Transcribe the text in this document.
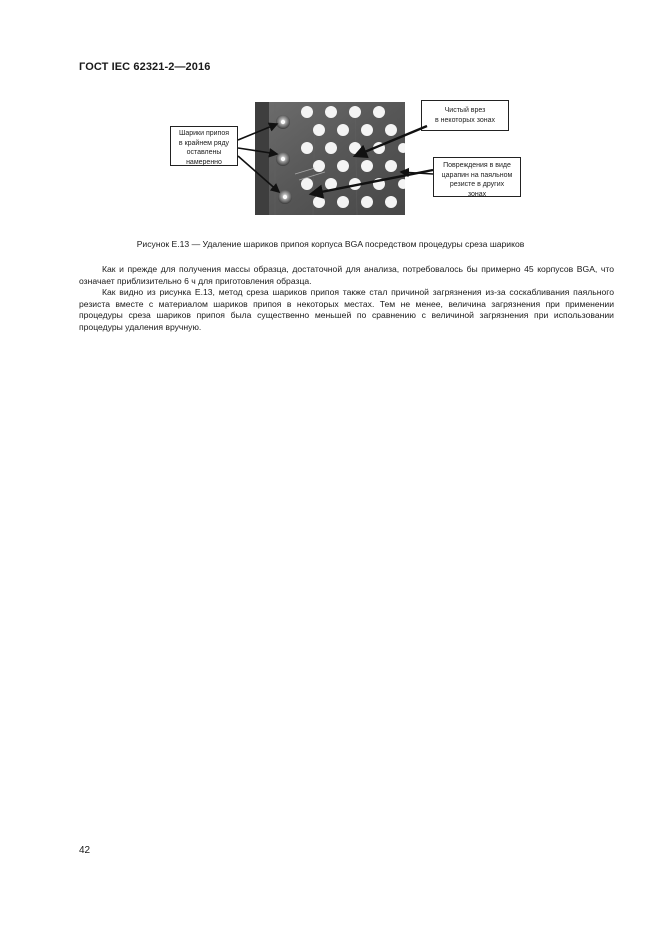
ГОСТ IEC 62321-2—2016
Шарики припоя
в крайнем ряду
оставлены
намеренно
Чистый врез
в некоторых зонах
Повреждения в виде
царапин на паяльном
резисте в других
зонах
Рисунок Е.13 — Удаление шариков припоя корпуса BGA посредством процедуры среза шариков

Как и прежде для получения массы образца, достаточной для анализа, потребовалось бы примерно 45 корпусов BGA, что означает приблизительно 6 ч для приготовления образца.

Как видно из рисунка Е.13, метод среза шариков припоя также стал причиной загрязнения из-за соскабливания паяльного резиста вместе с материалом шариков припоя в некоторых местах. Тем не менее, величина загрязнения при применении процедуры среза шариков припоя была существенно меньшей по сравнению с величиной загрязнения при использовании процедуры удаления вручную.

42
